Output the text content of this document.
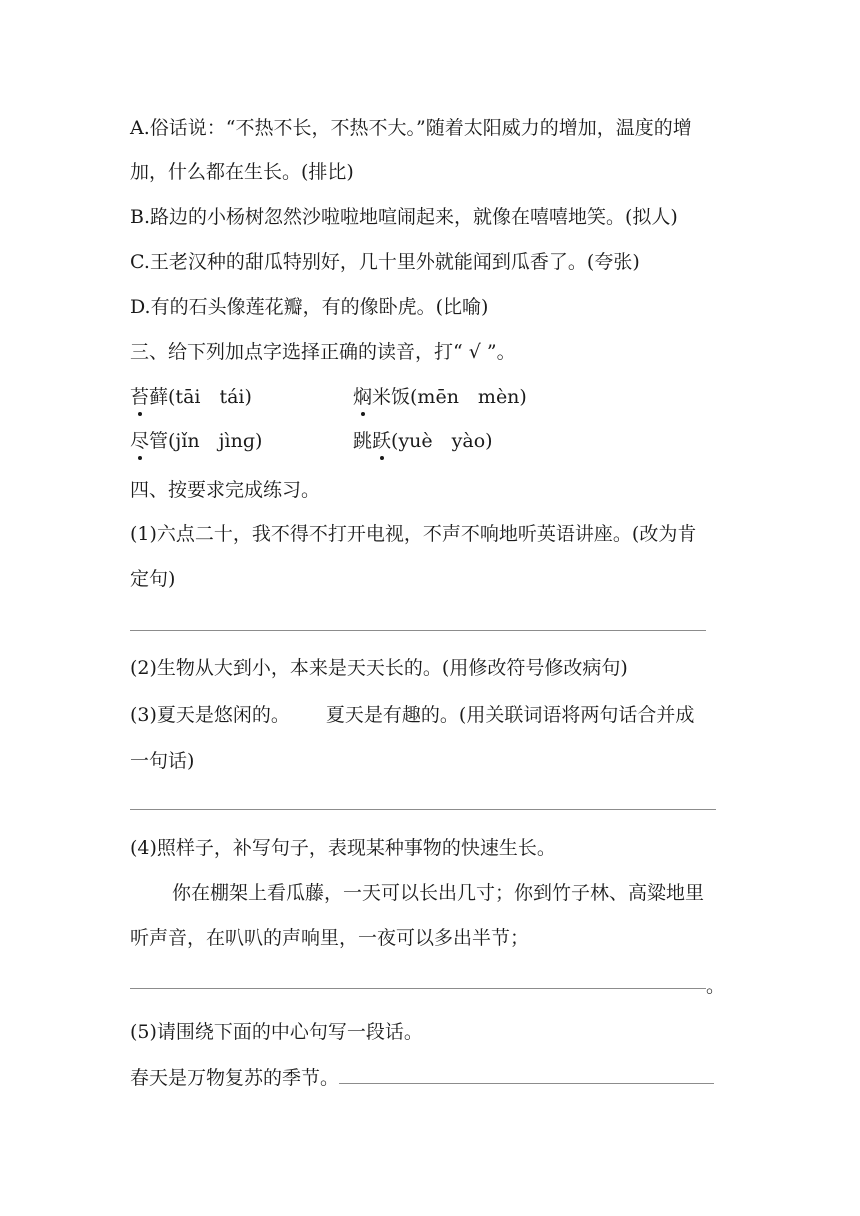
A.俗话说：“不热不长，不热不大。”随着太阳威力的增加，温度的增
加，什么都在生长。(排比)
B.路边的小杨树忽然沙啦啦地喧闹起来，就像在嘻嘻地笑。(拟人)
C.王老汉种的甜瓜特别好，几十里外就能闻到瓜香了。(夸张)
D.有的石头像莲花瓣，有的像卧虎。(比喻)
三、给下列加点字选择正确的读音，打“ √ ”。
苔藓(tāi　tái)	焖米饭(mēn　mèn)
尽管(jǐn　jìnɡ)	跳跃(yuè　yào)
四、按要求完成练习。
(1)六点二十，我不得不打开电视，不声不响地听英语讲座。(改为肯
定句)
(2)生物从大到小，本来是天天长的。(用修改符号修改病句)
(3)夏天是悠闲的。 夏天是有趣的。(用关联词语将两句话合并成
一句话)
(4)照样子，补写句子，表现某种事物的快速生长。
你在棚架上看瓜藤，一天可以长出几寸；你到竹子林、高粱地里
听声音，在叭叭的声响里，一夜可以多出半节；
。
(5)请围绕下面的中心句写一段话。
春天是万物复苏的季节。
